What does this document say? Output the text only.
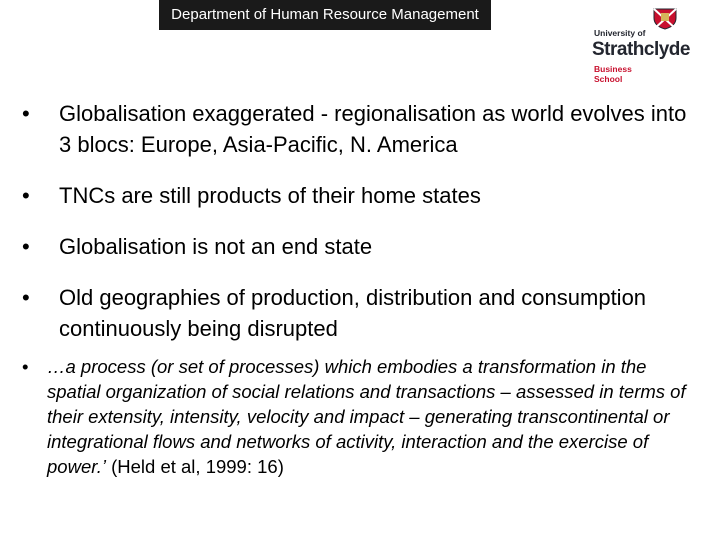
Department of Human Resource Management
University of
Strathclyde
Business
School
• Globalisation exaggerated - regionalisation as world evolves into 3 blocs: Europe, Asia-Pacific, N. America
• TNCs are still products of their home states
• Globalisation is not an end state
• Old geographies of production, distribution and consumption continuously being disrupted
• …a process (or set of processes) which embodies a transformation in the spatial organization of social relations and transactions – assessed in terms of their extensity, intensity, velocity and impact – generating transcontinental or integrational flows and networks of activity, interaction and the exercise of power.’ (Held et al, 1999: 16)
